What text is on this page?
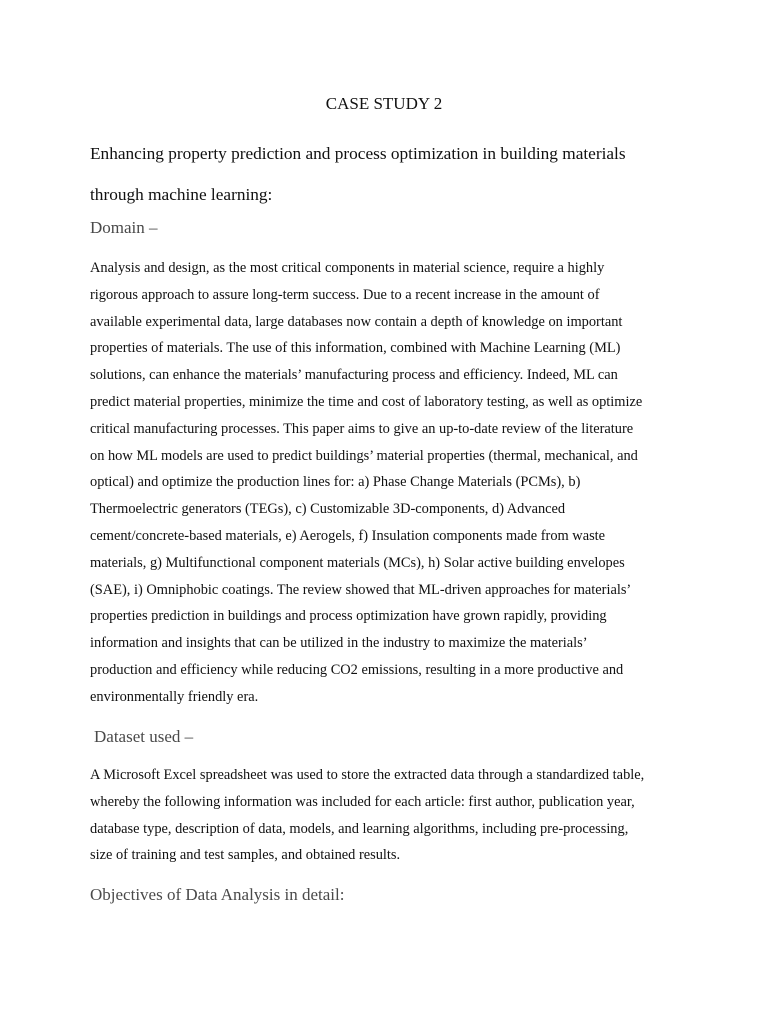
CASE STUDY 2
Enhancing property prediction and process optimization in building materials
through machine learning:
Domain –
Analysis and design, as the most critical components in material science, require a highly
rigorous approach to assure long-term success. Due to a recent increase in the amount of
available experimental data, large databases now contain a depth of knowledge on important
properties of materials. The use of this information, combined with Machine Learning (ML)
solutions, can enhance the materials’ manufacturing process and efficiency. Indeed, ML can
predict material properties, minimize the time and cost of laboratory testing, as well as optimize
critical manufacturing processes. This paper aims to give an up-to-date review of the literature
on how ML models are used to predict buildings’ material properties (thermal, mechanical, and
optical) and optimize the production lines for: a) Phase Change Materials (PCMs), b)
Thermoelectric generators (TEGs), c) Customizable 3D-components, d) Advanced
cement/concrete-based materials, e) Aerogels, f) Insulation components made from waste
materials, g) Multifunctional component materials (MCs), h) Solar active building envelopes
(SAE), i) Omniphobic coatings. The review showed that ML-driven approaches for materials’
properties prediction in buildings and process optimization have grown rapidly, providing
information and insights that can be utilized in the industry to maximize the materials’
production and efficiency while reducing CO2 emissions, resulting in a more productive and
environmentally friendly era.
Dataset used –
A Microsoft Excel spreadsheet was used to store the extracted data through a standardized table,
whereby the following information was included for each article: first author, publication year,
database type, description of data, models, and learning algorithms, including pre-processing,
size of training and test samples, and obtained results.
Objectives of Data Analysis in detail:
